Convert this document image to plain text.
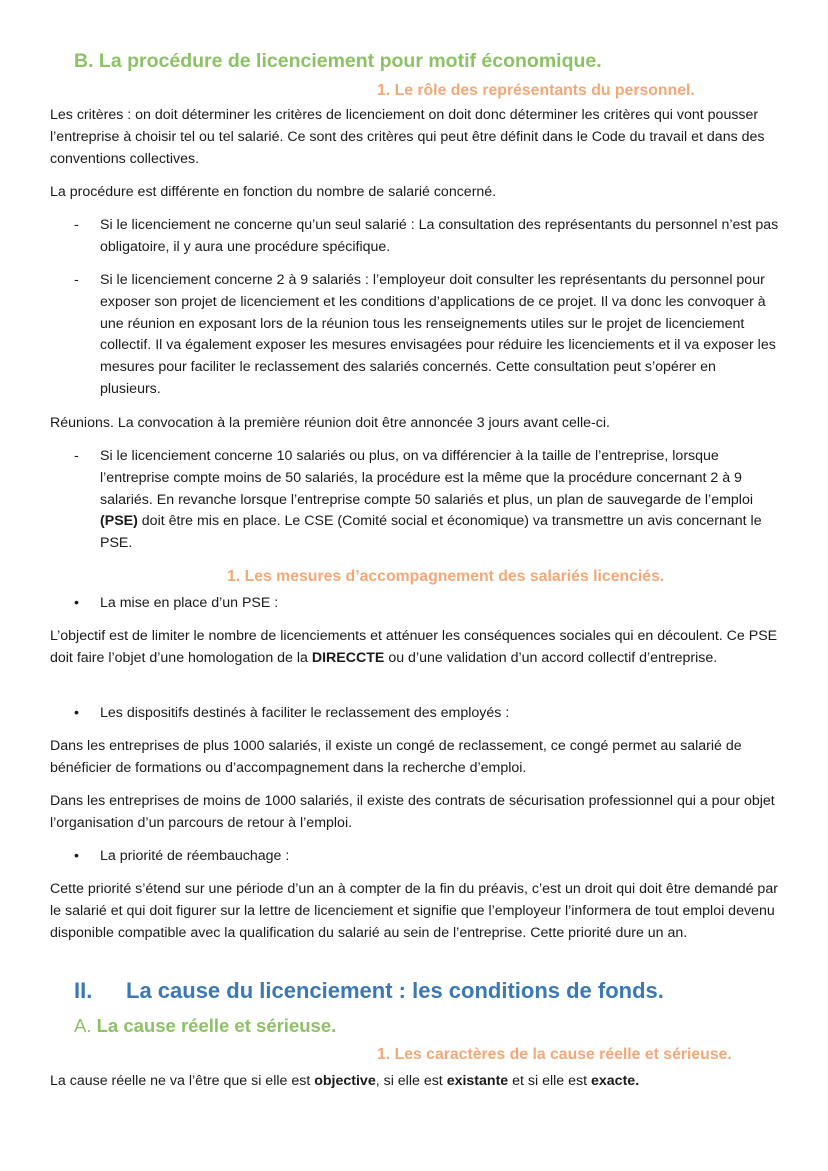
B. La procédure de licenciement pour motif économique.
1. Le rôle des représentants du personnel.

Les critères : on doit déterminer les critères de licenciement on doit donc déterminer les critères qui vont pousser l’entreprise à choisir tel ou tel salarié. Ce sont des critères qui peut être définit dans le Code du travail et dans des conventions collectives.

La procédure est différente en fonction du nombre de salarié concerné.

- Si le licenciement ne concerne qu’un seul salarié : La consultation des représentants du personnel n’est pas obligatoire, il y aura une procédure spécifique.

- Si le licenciement concerne 2 à 9 salariés : l’employeur doit consulter les représentants du personnel pour exposer son projet de licenciement et les conditions d’applications de ce projet. Il va donc les convoquer à une réunion en exposant lors de la réunion tous les renseignements utiles sur le projet de licenciement collectif. Il va également exposer les mesures envisagées pour réduire les licenciements et il va exposer les mesures pour faciliter le reclassement des salariés concernés. Cette consultation peut s’opérer en plusieurs.

Réunions. La convocation à la première réunion doit être annoncée 3 jours avant celle-ci.

- Si le licenciement concerne 10 salariés ou plus, on va différencier à la taille de l’entreprise, lorsque l’entreprise compte moins de 50 salariés, la procédure est la même que la procédure concernant 2 à 9 salariés. En revanche lorsque l’entreprise compte 50 salariés et plus, un plan de sauvegarde de l’emploi (PSE) doit être mis en place. Le CSE (Comité social et économique) va transmettre un avis concernant le PSE.

1. Les mesures d’accompagnement des salariés licenciés.
• La mise en place d’un PSE :

L’objectif est de limiter le nombre de licenciements et atténuer les conséquences sociales qui en découlent. Ce PSE doit faire l’objet d’une homologation de la DIRECCTE ou d’une validation d’un accord collectif d’entreprise.

• Les dispositifs destinés à faciliter le reclassement des employés :

Dans les entreprises de plus 1000 salariés, il existe un congé de reclassement, ce congé permet au salarié de bénéficier de formations ou d’accompagnement dans la recherche d’emploi.

Dans les entreprises de moins de 1000 salariés, il existe des contrats de sécurisation professionnel qui a pour objet l’organisation d’un parcours de retour à l’emploi.

• La priorité de réembauchage :

Cette priorité s’étend sur une période d’un an à compter de la fin du préavis, c’est un droit qui doit être demandé par le salarié et qui doit figurer sur la lettre de licenciement et signifie que l’employeur l’informera de tout emploi devenu disponible compatible avec la qualification du salarié au sein de l’entreprise. Cette priorité dure un an.

II. La cause du licenciement : les conditions de fonds.
A. La cause réelle et sérieuse.
1. Les caractères de la cause réelle et sérieuse.

La cause réelle ne va l’être que si elle est objective, si elle est existante et si elle est exacte.
